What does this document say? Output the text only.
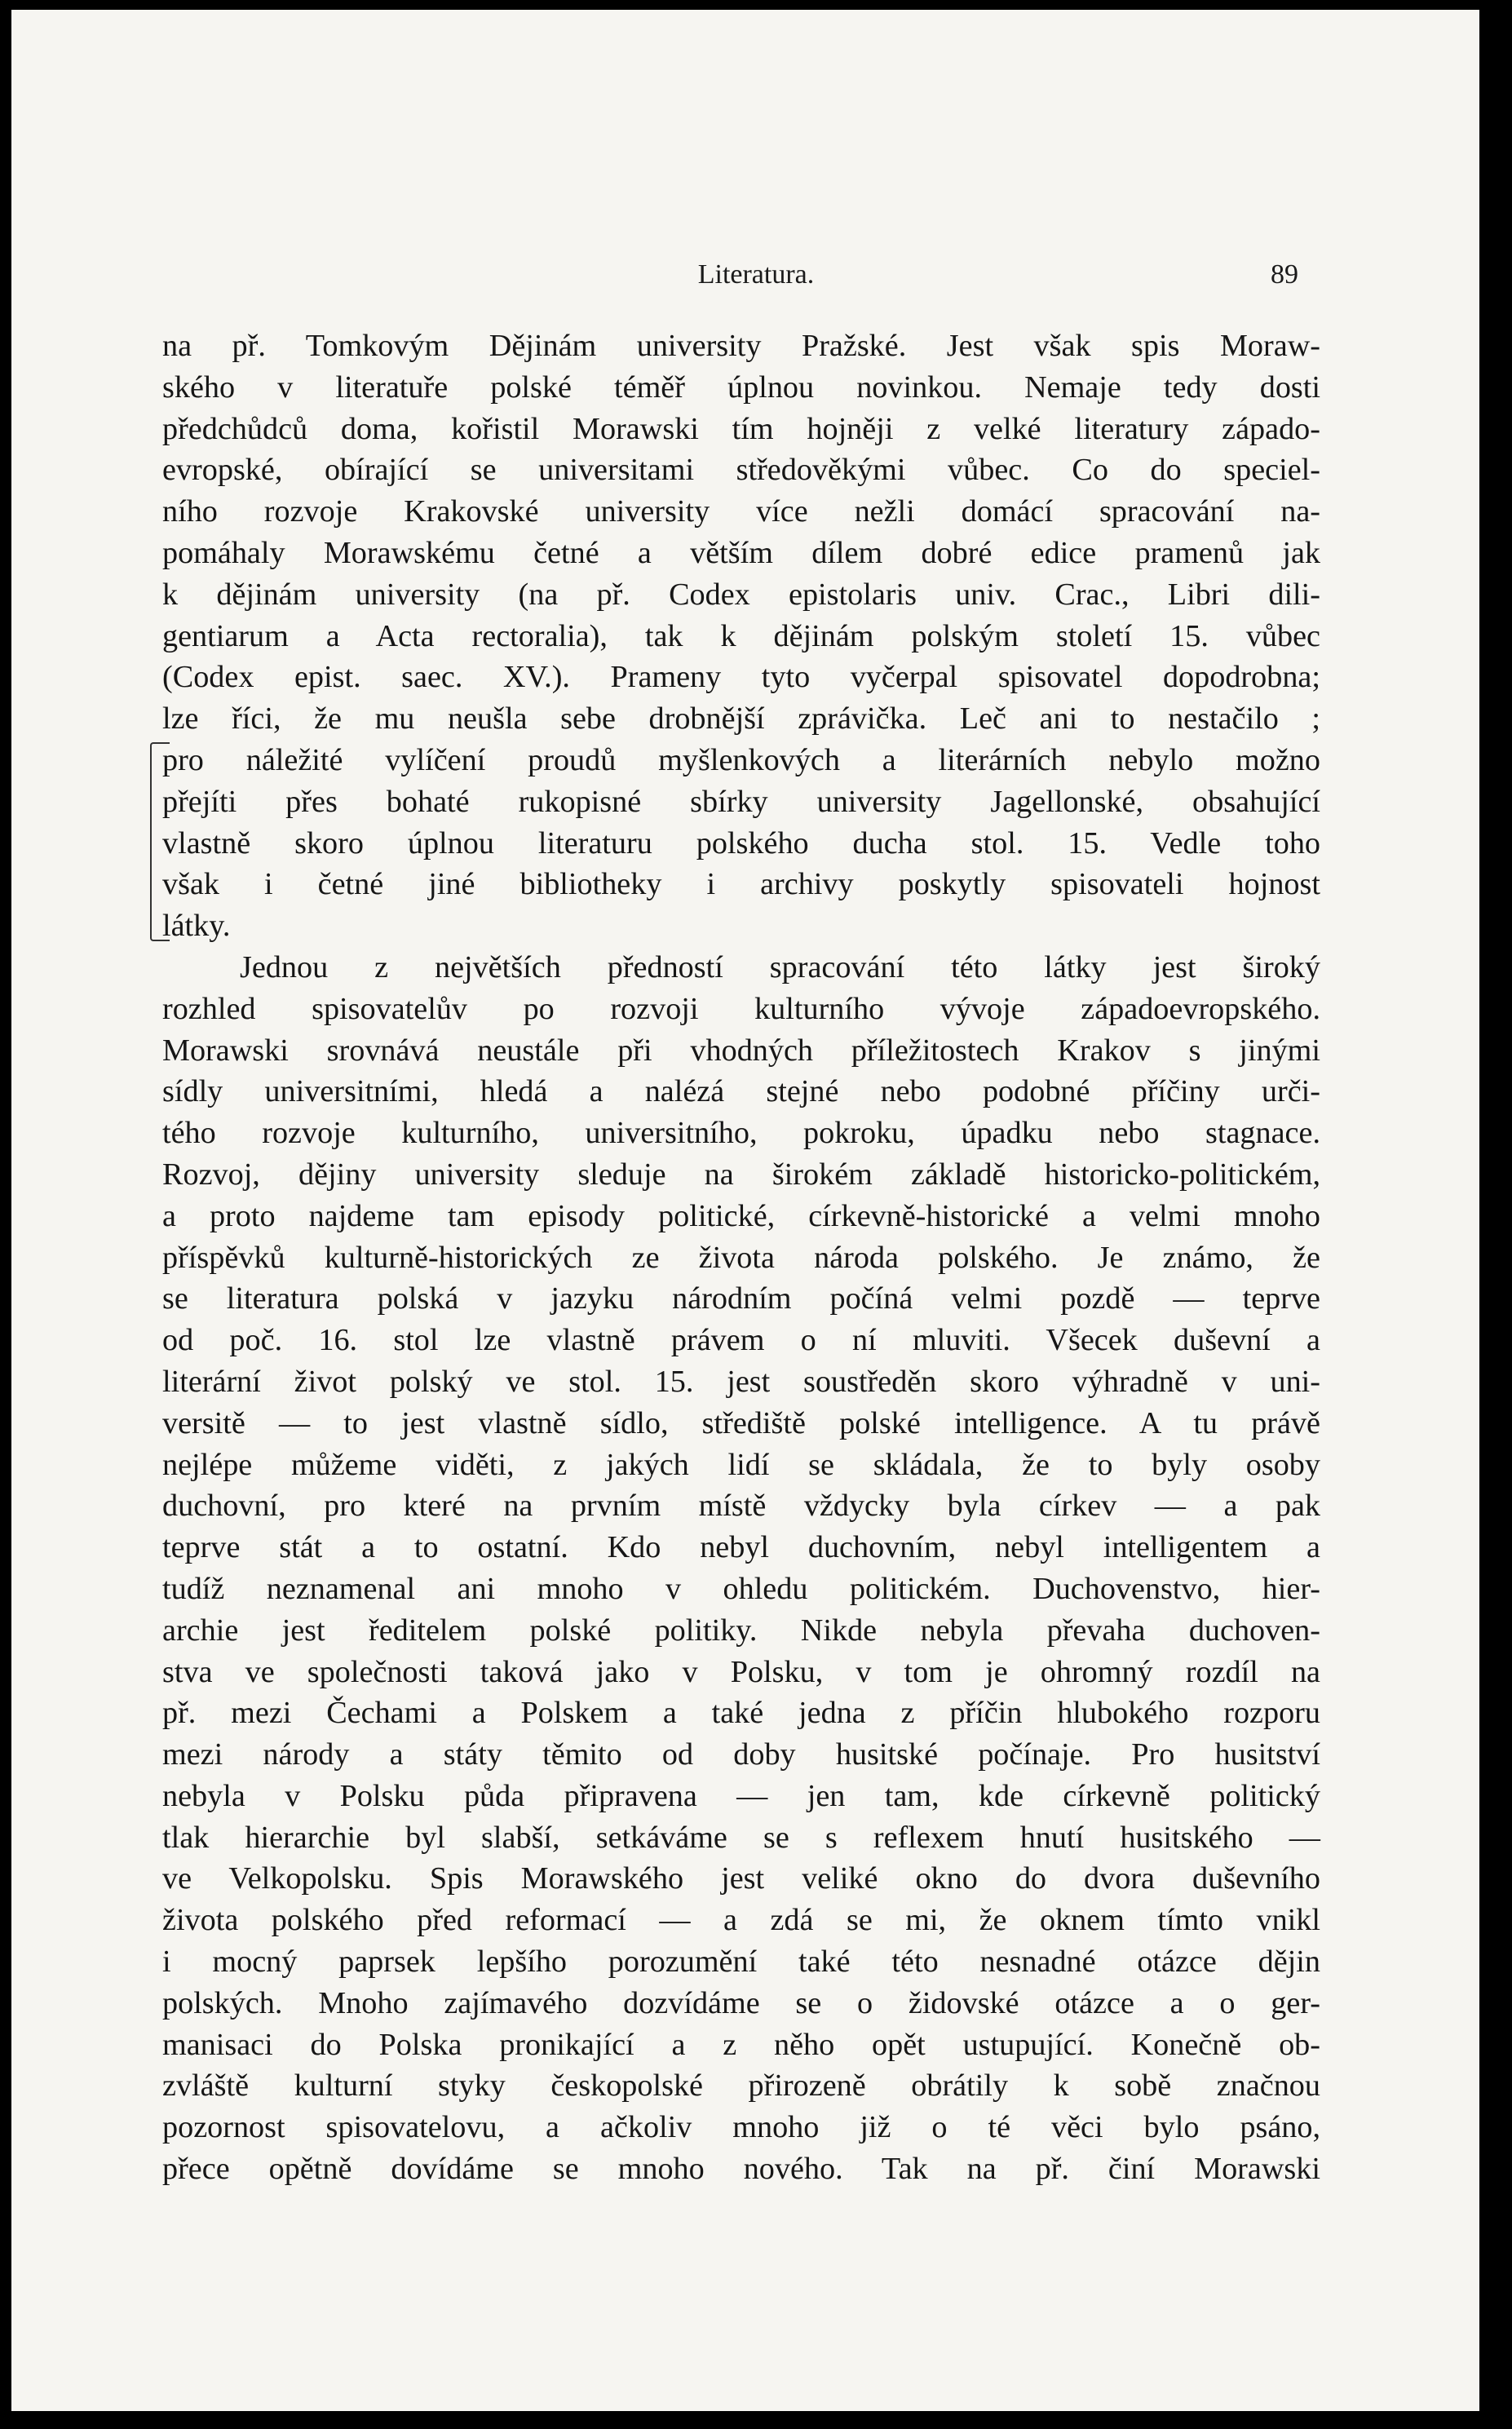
Literatura.	89
na př. Tomkovým Dějinám university Pražské. Jest však spis Moraw-
ského v literatuře polské téměř úplnou novinkou. Nemaje tedy dosti
předchůdců doma, kořistil Morawski tím hojněji z velké literatury západo-
evropské, obírající se universitami středověkými vůbec. Co do speciel-
ního rozvoje Krakovské university více nežli domácí spracování na-
pomáhaly Morawskému četné a větším dílem dobré edice pramenů jak
k dějinám university (na př. Codex epistolaris univ. Crac., Libri dili-
gentiarum a Acta rectoralia), tak k dějinám polským století 15. vůbec
(Codex epist. saec. XV.). Prameny tyto vyčerpal spisovatel dopodrobna;
lze říci, že mu neušla sebe drobnější zprávička. Leč ani to nestačilo ;
pro náležité vylíčení proudů myšlenkových a literárních nebylo možno
přejíti přes bohaté rukopisné sbírky university Jagellonské, obsahující
vlastně skoro úplnou literaturu polského ducha stol. 15. Vedle toho
však i četné jiné bibliotheky i archivy poskytly spisovateli hojnost
látky.
Jednou z největších předností spracování této látky jest široký
rozhled spisovatelův po rozvoji kulturního vývoje západoevropského.
Morawski srovnává neustále při vhodných příležitostech Krakov s jinými
sídly universitními, hledá a nalézá stejné nebo podobné příčiny urči-
tého rozvoje kulturního, universitního, pokroku, úpadku nebo stagnace.
Rozvoj, dějiny university sleduje na širokém základě historicko-politickém,
a proto najdeme tam episody politické, církevně-historické a velmi mnoho
příspěvků kulturně-historických ze života národa polského. Je známo, že
se literatura polská v jazyku národním počíná velmi pozdě — teprve
od poč. 16. stol lze vlastně právem o ní mluviti. Všecek duševní a
literární život polský ve stol. 15. jest soustředěn skoro výhradně v uni-
versitě — to jest vlastně sídlo, střediště polské intelligence. A tu právě
nejlépe můžeme viděti, z jakých lidí se skládala, že to byly osoby
duchovní, pro které na prvním místě vždycky byla církev — a pak
teprve stát a to ostatní. Kdo nebyl duchovním, nebyl intelligentem a
tudíž neznamenal ani mnoho v ohledu politickém. Duchovenstvo, hier-
archie jest ředitelem polské politiky. Nikde nebyla převaha duchoven-
stva ve společnosti taková jako v Polsku, v tom je ohromný rozdíl na
př. mezi Čechami a Polskem a také jedna z příčin hlubokého rozporu
mezi národy a státy těmito od doby husitské počínaje. Pro husitství
nebyla v Polsku půda připravena — jen tam, kde církevně politický
tlak hierarchie byl slabší, setkáváme se s reflexem hnutí husitského —
ve Velkopolsku. Spis Morawského jest veliké okno do dvora duševního
života polského před reformací — a zdá se mi, že oknem tímto vnikl
i mocný paprsek lepšího porozumění také této nesnadné otázce dějin
polských. Mnoho zajímavého dozvídáme se o židovské otázce a o ger-
manisaci do Polska pronikající a z něho opět ustupující. Konečně ob-
zvláště kulturní styky českopolské přirozeně obrátily k sobě značnou
pozornost spisovatelovu, a ačkoliv mnoho již o té věci bylo psáno,
přece opětně dovídáme se mnoho nového. Tak na př. činí Morawski
